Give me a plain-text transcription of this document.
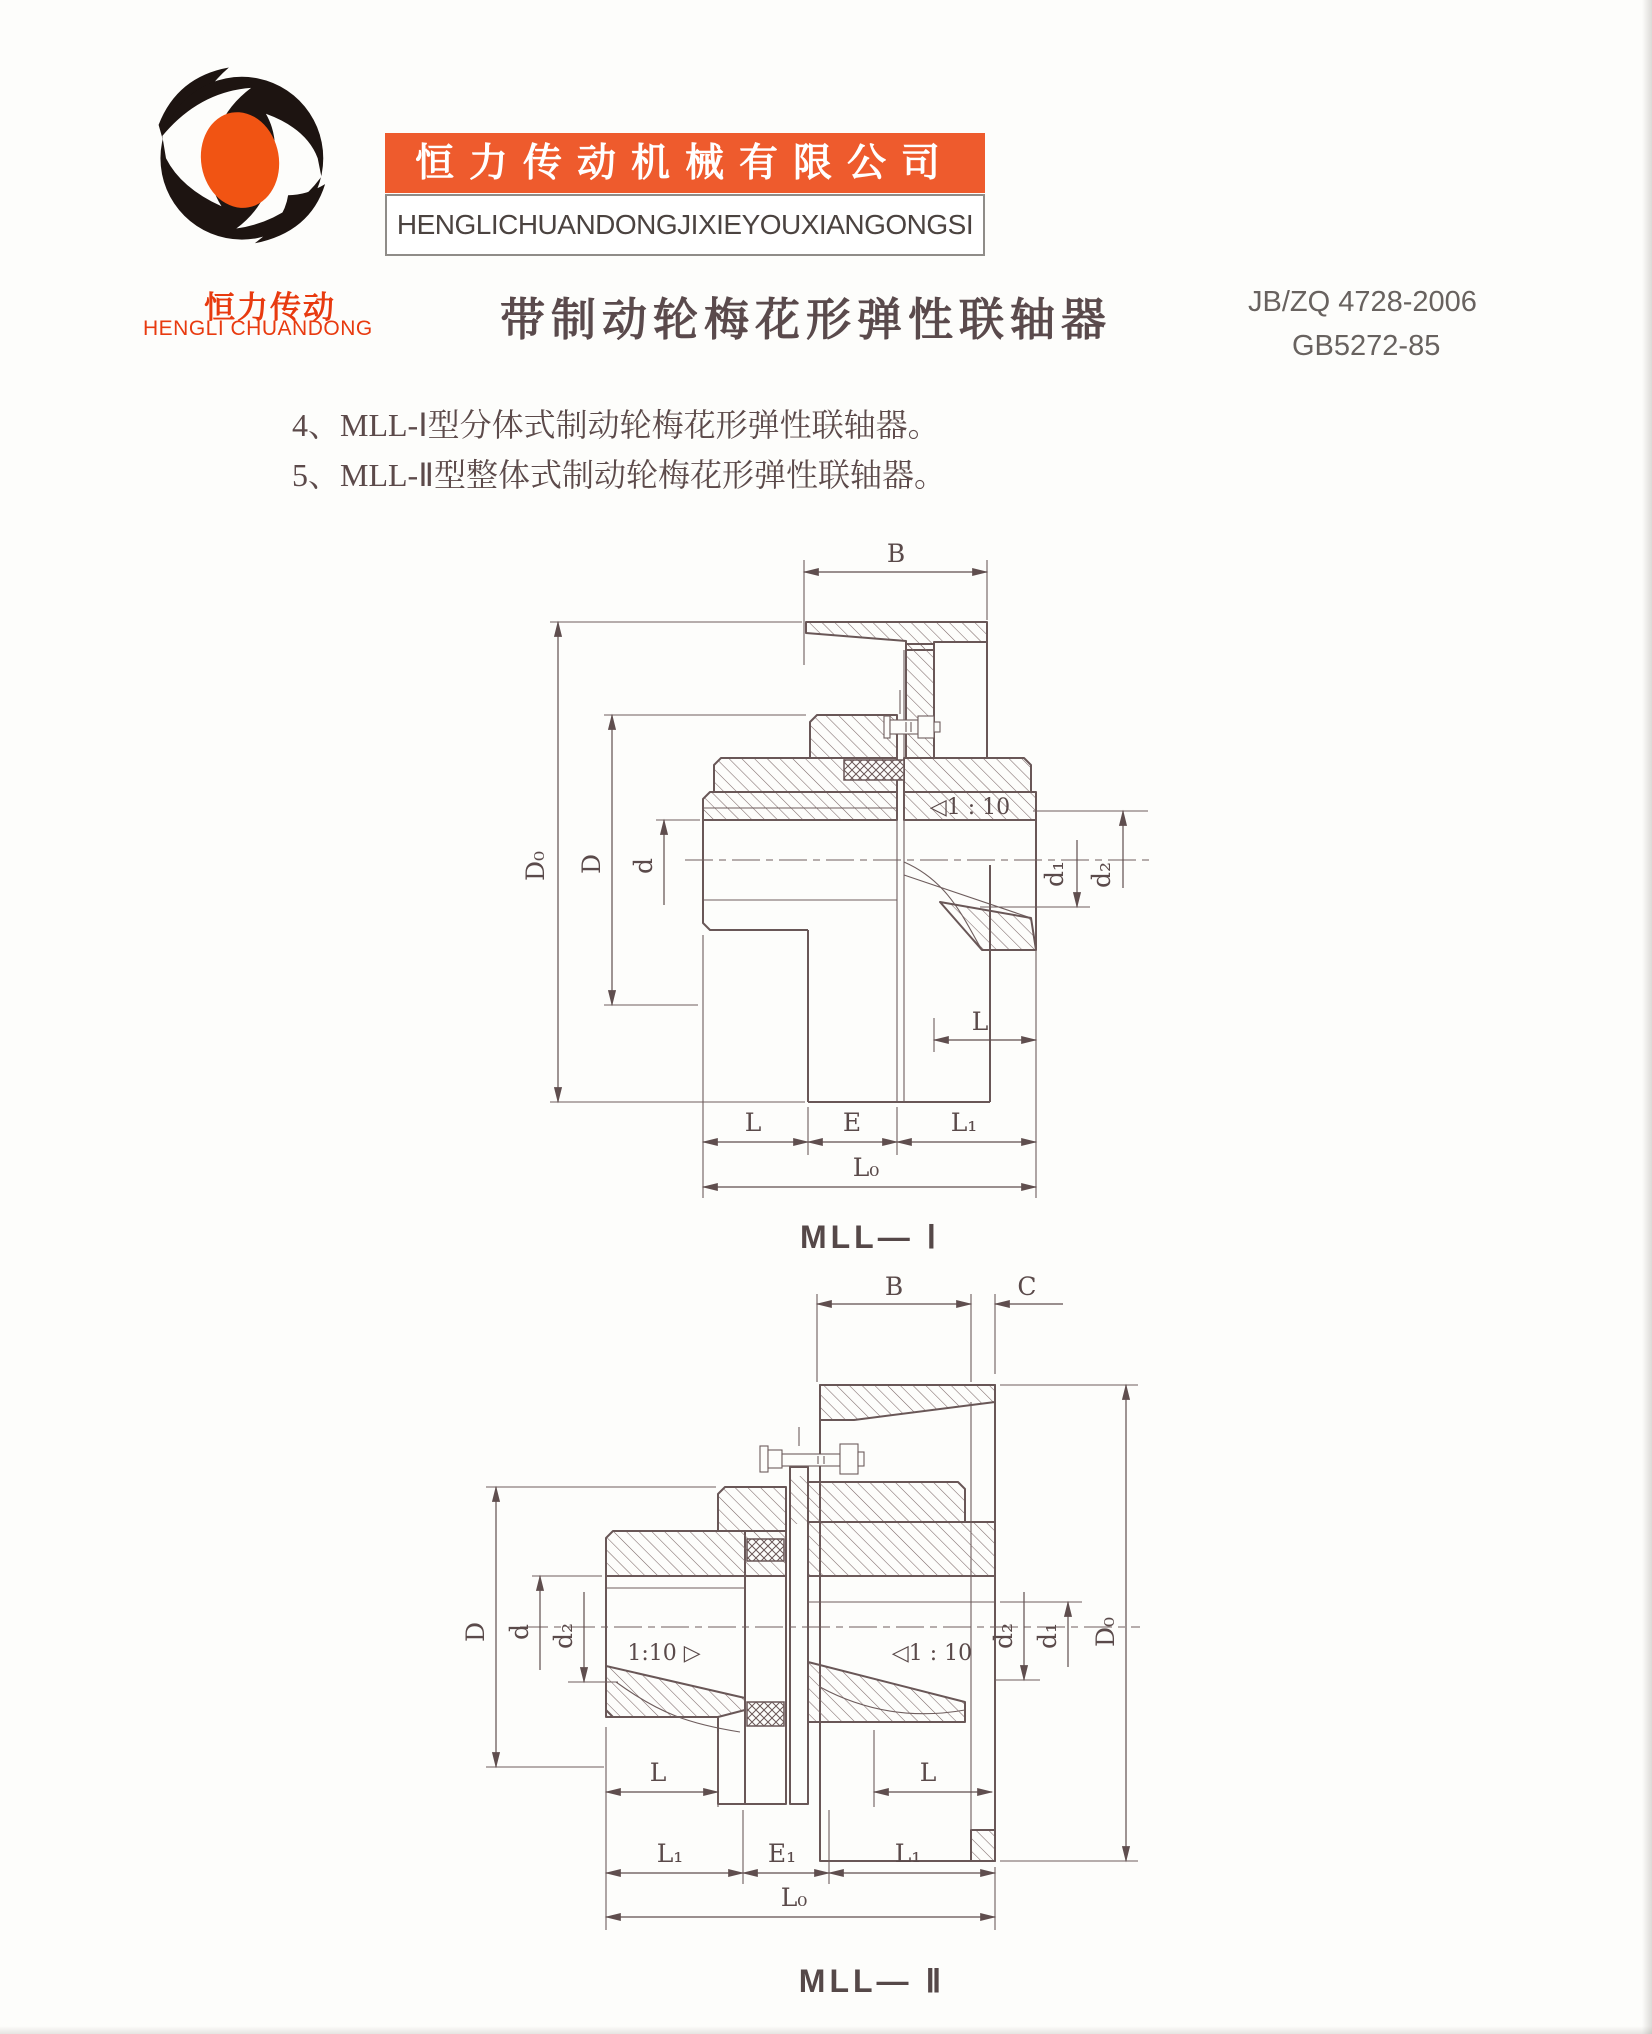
恒力传动
HENGLI CHUANDONG
恒力传动机械有限公司
HENGLICHUANDONGJIXIEYOUXIANGONGSI
带制动轮梅花形弹性联轴器	JB/ZQ 4728-2006
GB5272-85
4、MLL-Ⅰ型分体式制动轮梅花形弹性联轴器。
5、MLL-Ⅱ型整体式制动轮梅花形弹性联轴器。
B
D₀ D d
◁1 : 10
d₁ d₂
L
L	E	L₁
L₀
MLL— Ⅰ
1:10 ▷	◁1 : 10
B	C
D d d₂	d₂ d₁ D₀
L	L
L₁	E₁	L₁
L₀
MLL— Ⅱ
